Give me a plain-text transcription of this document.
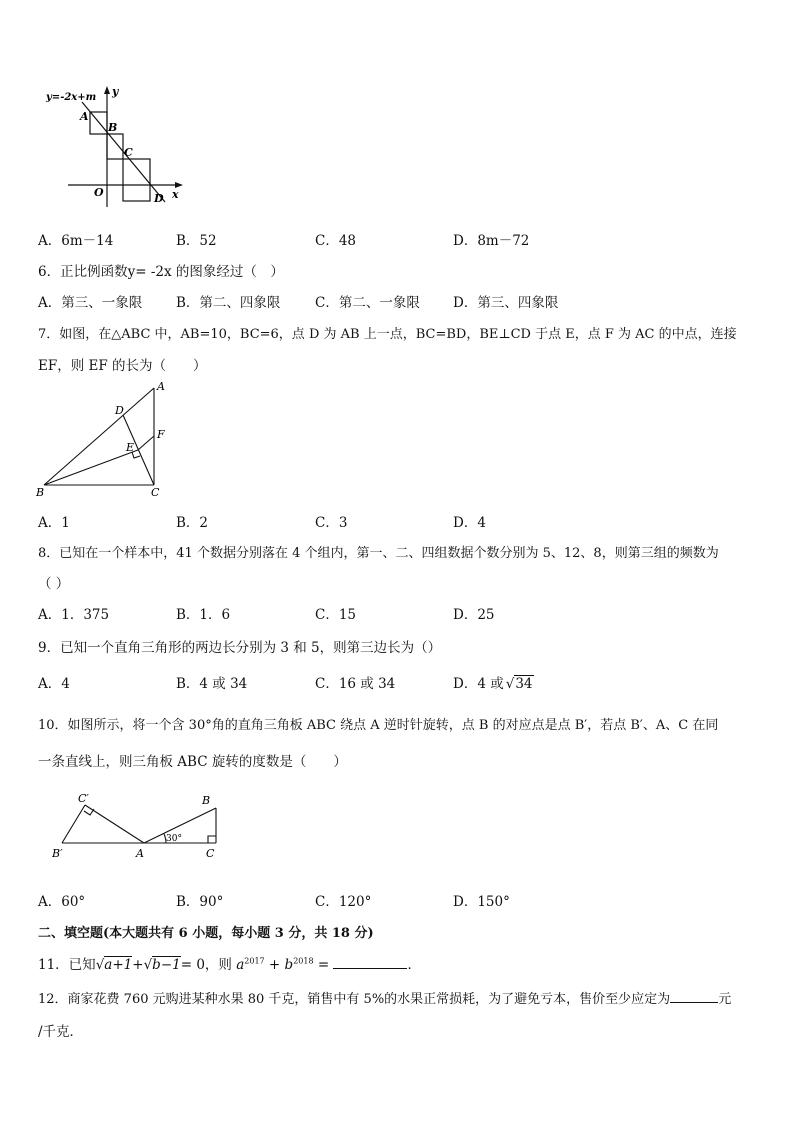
y=-2x+m y
x
O
A
B
C
D
A．6m－14	B．52	C．48	D．8m－72
6．正比例函数y= -2x 的图象经过（　）
A．第三、一象限	B．第二、四象限	C．第二、一象限 D．第三、四象限
7．如图，在△ABC 中，AB=10，BC=6，点 D 为 AB 上一点，BC=BD，BE⊥CD 于点 E，点 F 为 AC 的中点，连接
EF，则 EF 的长为（　　）
A
B	C
D
E
F
A．1	B．2	C．3	D．4
8．已知在一个样本中，41 个数据分别落在 4 个组内，第一、二、四组数据个数分别为 5、12、8，则第三组的频数为
（ ）
A．1．375	B．1．6	C．15	D．25
9．已知一个直角三角形的两边长分别为 3 和 5，则第三边长为（）
A．4	B．4 或 34	C．16 或 34	D．4 或 √34
10．如图所示，将一个含 30°角的直角三角板 ABC 绕点 A 逆时针旋转，点 B 的对应点是点 B′，若点 B′、A、C 在同
一条直线上，则三角板 ABC 旋转的度数是（　　）
C′
B′	A
B
C
30°
A．60°	B．90°	C．120°	D．150°
二、填空题(本大题共有 6 小题，每小题 3 分，共 18 分)
11．已知√a+1+√b−1= 0，则 $a^{2017} + b^{2018}$ =	．
12．商家花费 760 元购进某种水果 80 千克，销售中有 5%的水果正常损耗，为了避免亏本，售价至少应定为	元
/千克．
